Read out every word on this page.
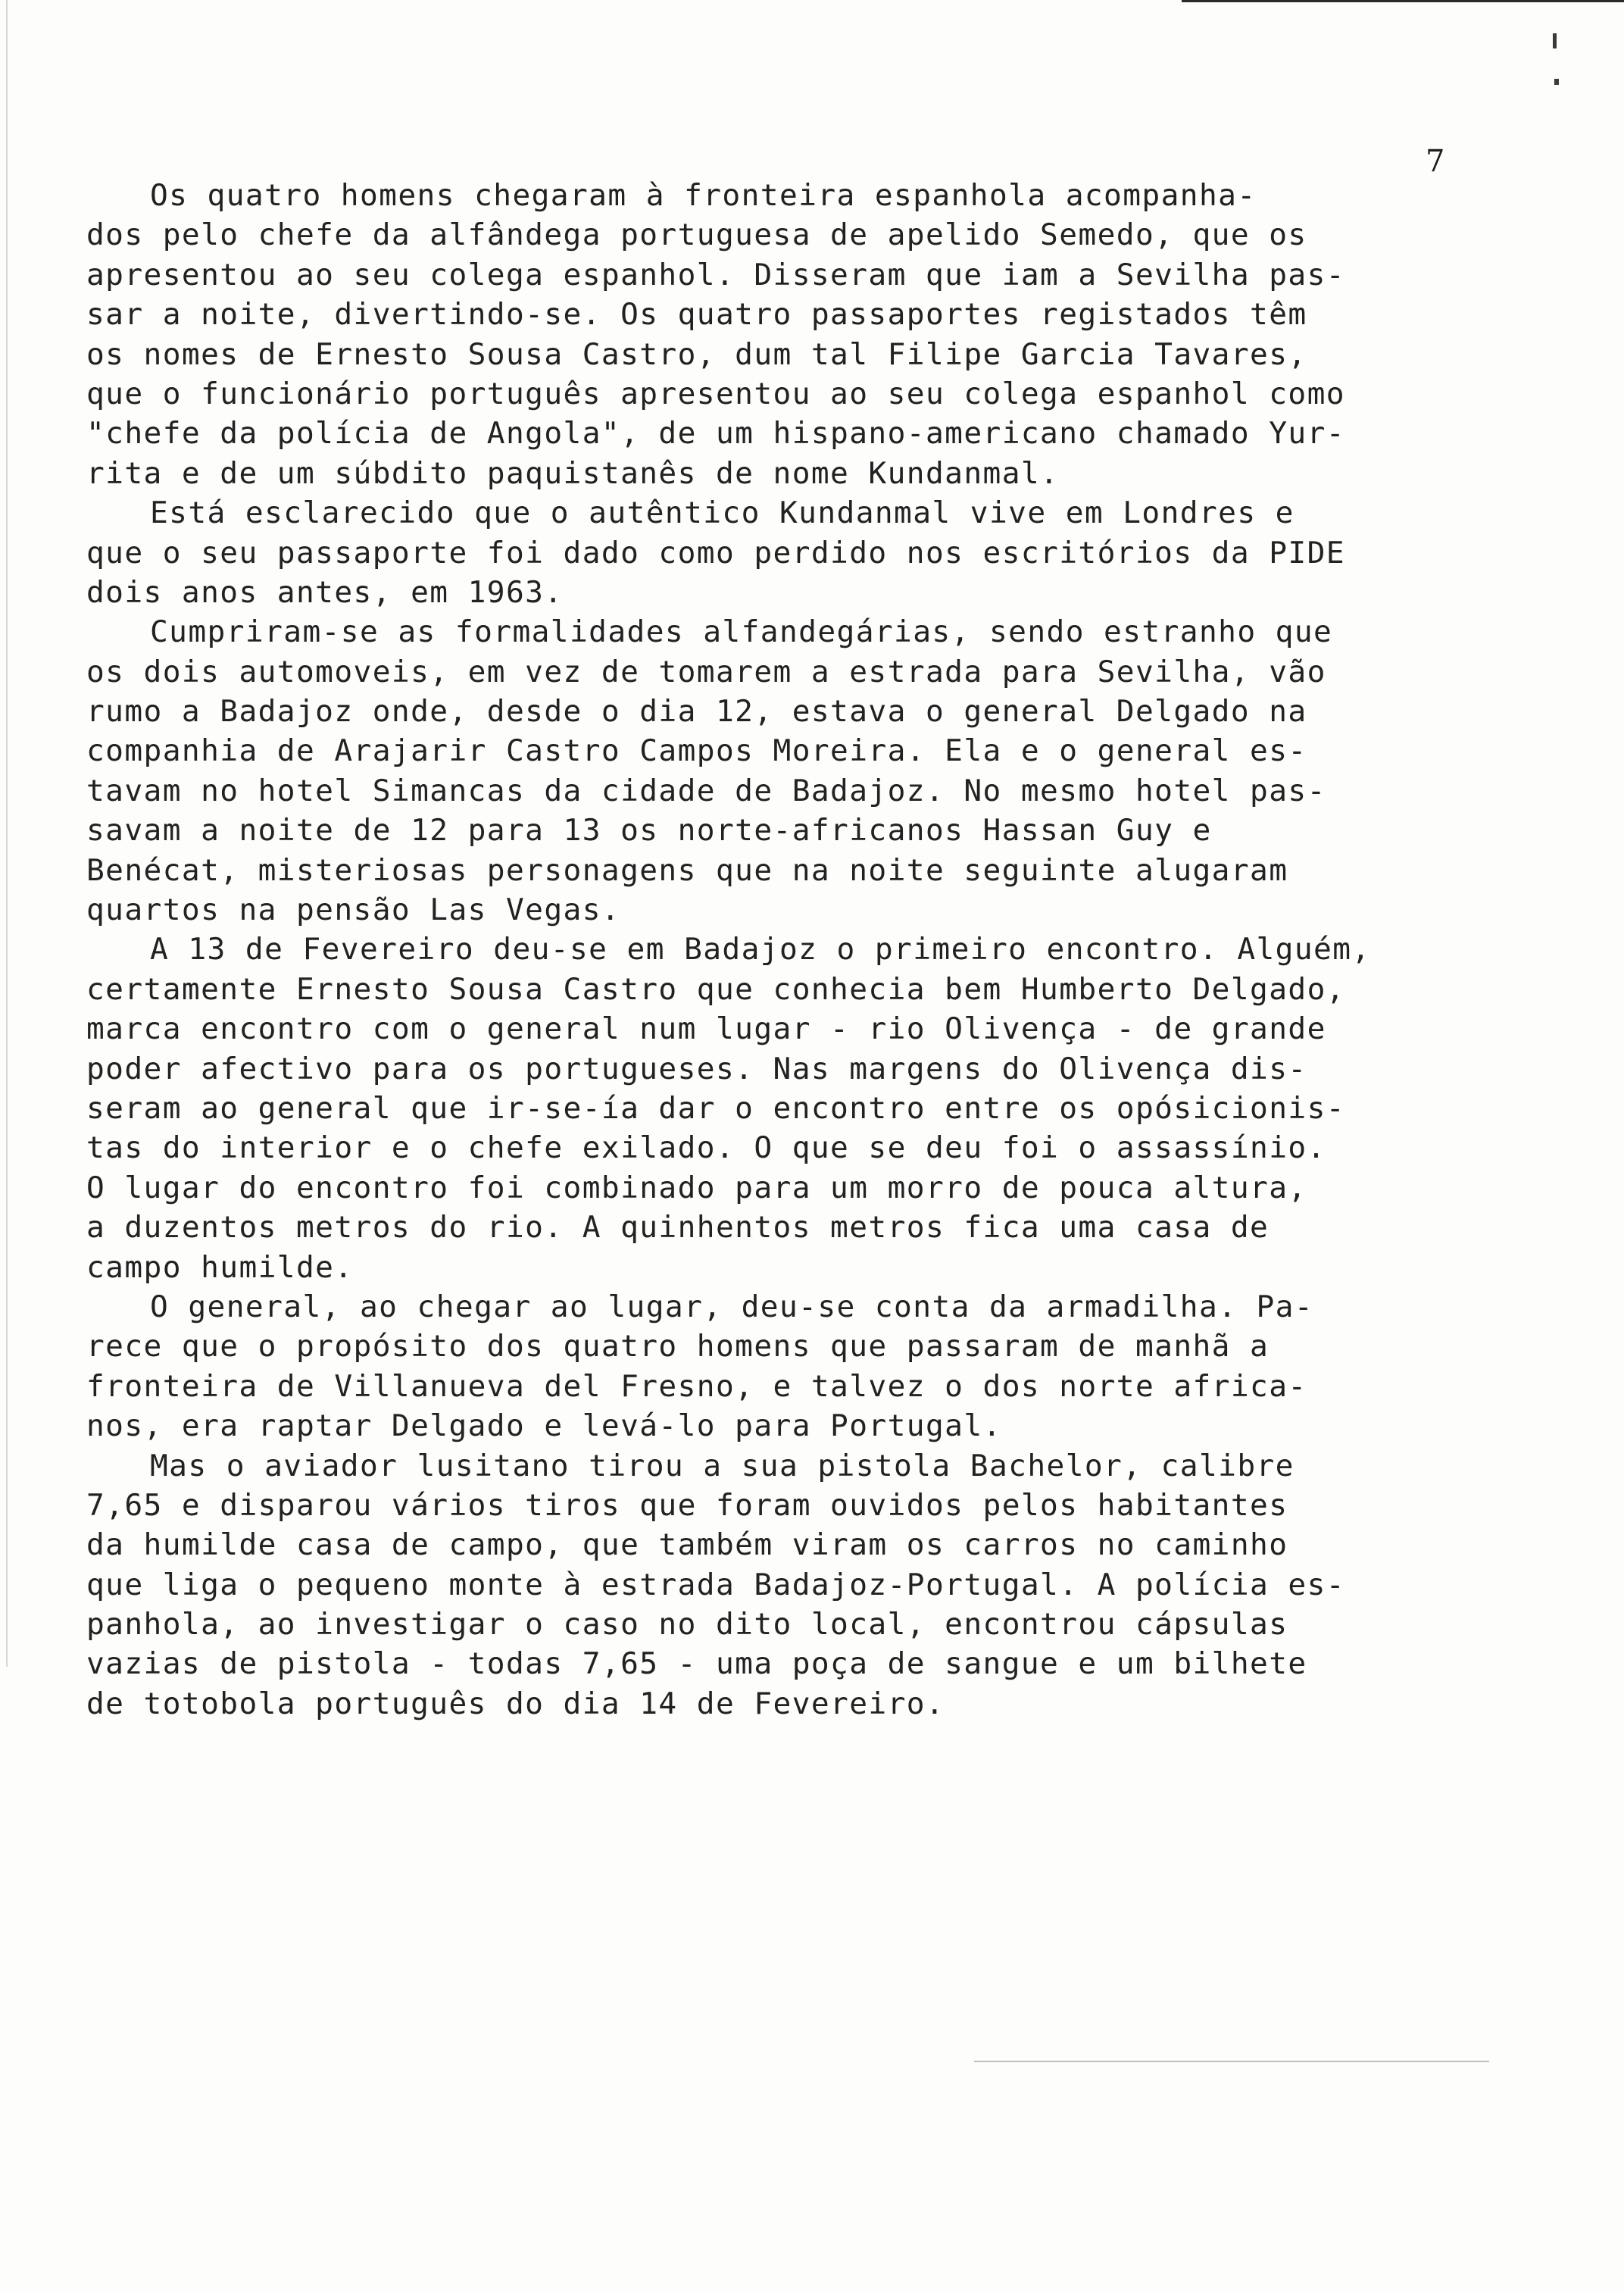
7
Os quatro homens chegaram à fronteira espanhola acompanha-
dos pelo chefe da alfândega portuguesa de apelido Semedo, que os
apresentou ao seu colega espanhol. Disseram que iam a Sevilha pas-
sar a noite, divertindo-se. Os quatro passaportes registados têm
os nomes de Ernesto Sousa Castro, dum tal Filipe Garcia Tavares,
que o funcionário português apresentou ao seu colega espanhol como
"chefe da polícia de Angola", de um hispano-americano chamado Yur-
rita e de um súbdito paquistanês de nome Kundanmal.
Está esclarecido que o autêntico Kundanmal vive em Londres e
que o seu passaporte foi dado como perdido nos escritórios da PIDE
dois anos antes, em 1963.
Cumpriram-se as formalidades alfandegárias, sendo estranho que
os dois automoveis, em vez de tomarem a estrada para Sevilha, vão
rumo a Badajoz onde, desde o dia 12, estava o general Delgado na
companhia de Arajarir Castro Campos Moreira. Ela e o general es-
tavam no hotel Simancas da cidade de Badajoz. No mesmo hotel pas-
savam a noite de 12 para 13 os norte-africanos Hassan Guy e
Benécat, misteriosas personagens que na noite seguinte alugaram
quartos na pensão Las Vegas.
A 13 de Fevereiro deu-se em Badajoz o primeiro encontro. Alguém,
certamente Ernesto Sousa Castro que conhecia bem Humberto Delgado,
marca encontro com o general num lugar - rio Olivença - de grande
poder afectivo para os portugueses. Nas margens do Olivença dis-
seram ao general que ir-se-ía dar o encontro entre os opósicionis-
tas do interior e o chefe exilado. O que se deu foi o assassínio.
O lugar do encontro foi combinado para um morro de pouca altura,
a duzentos metros do rio. A quinhentos metros fica uma casa de
campo humilde.
O general, ao chegar ao lugar, deu-se conta da armadilha. Pa-
rece que o propósito dos quatro homens que passaram de manhã a
fronteira de Villanueva del Fresno, e talvez o dos norte africa-
nos, era raptar Delgado e levá-lo para Portugal.
Mas o aviador lusitano tirou a sua pistola Bachelor, calibre
7,65 e disparou vários tiros que foram ouvidos pelos habitantes
da humilde casa de campo, que também viram os carros no caminho
que liga o pequeno monte à estrada Badajoz-Portugal. A polícia es-
panhola, ao investigar o caso no dito local, encontrou cápsulas
vazias de pistola - todas 7,65 - uma poça de sangue e um bilhete
de totobola português do dia 14 de Fevereiro.
